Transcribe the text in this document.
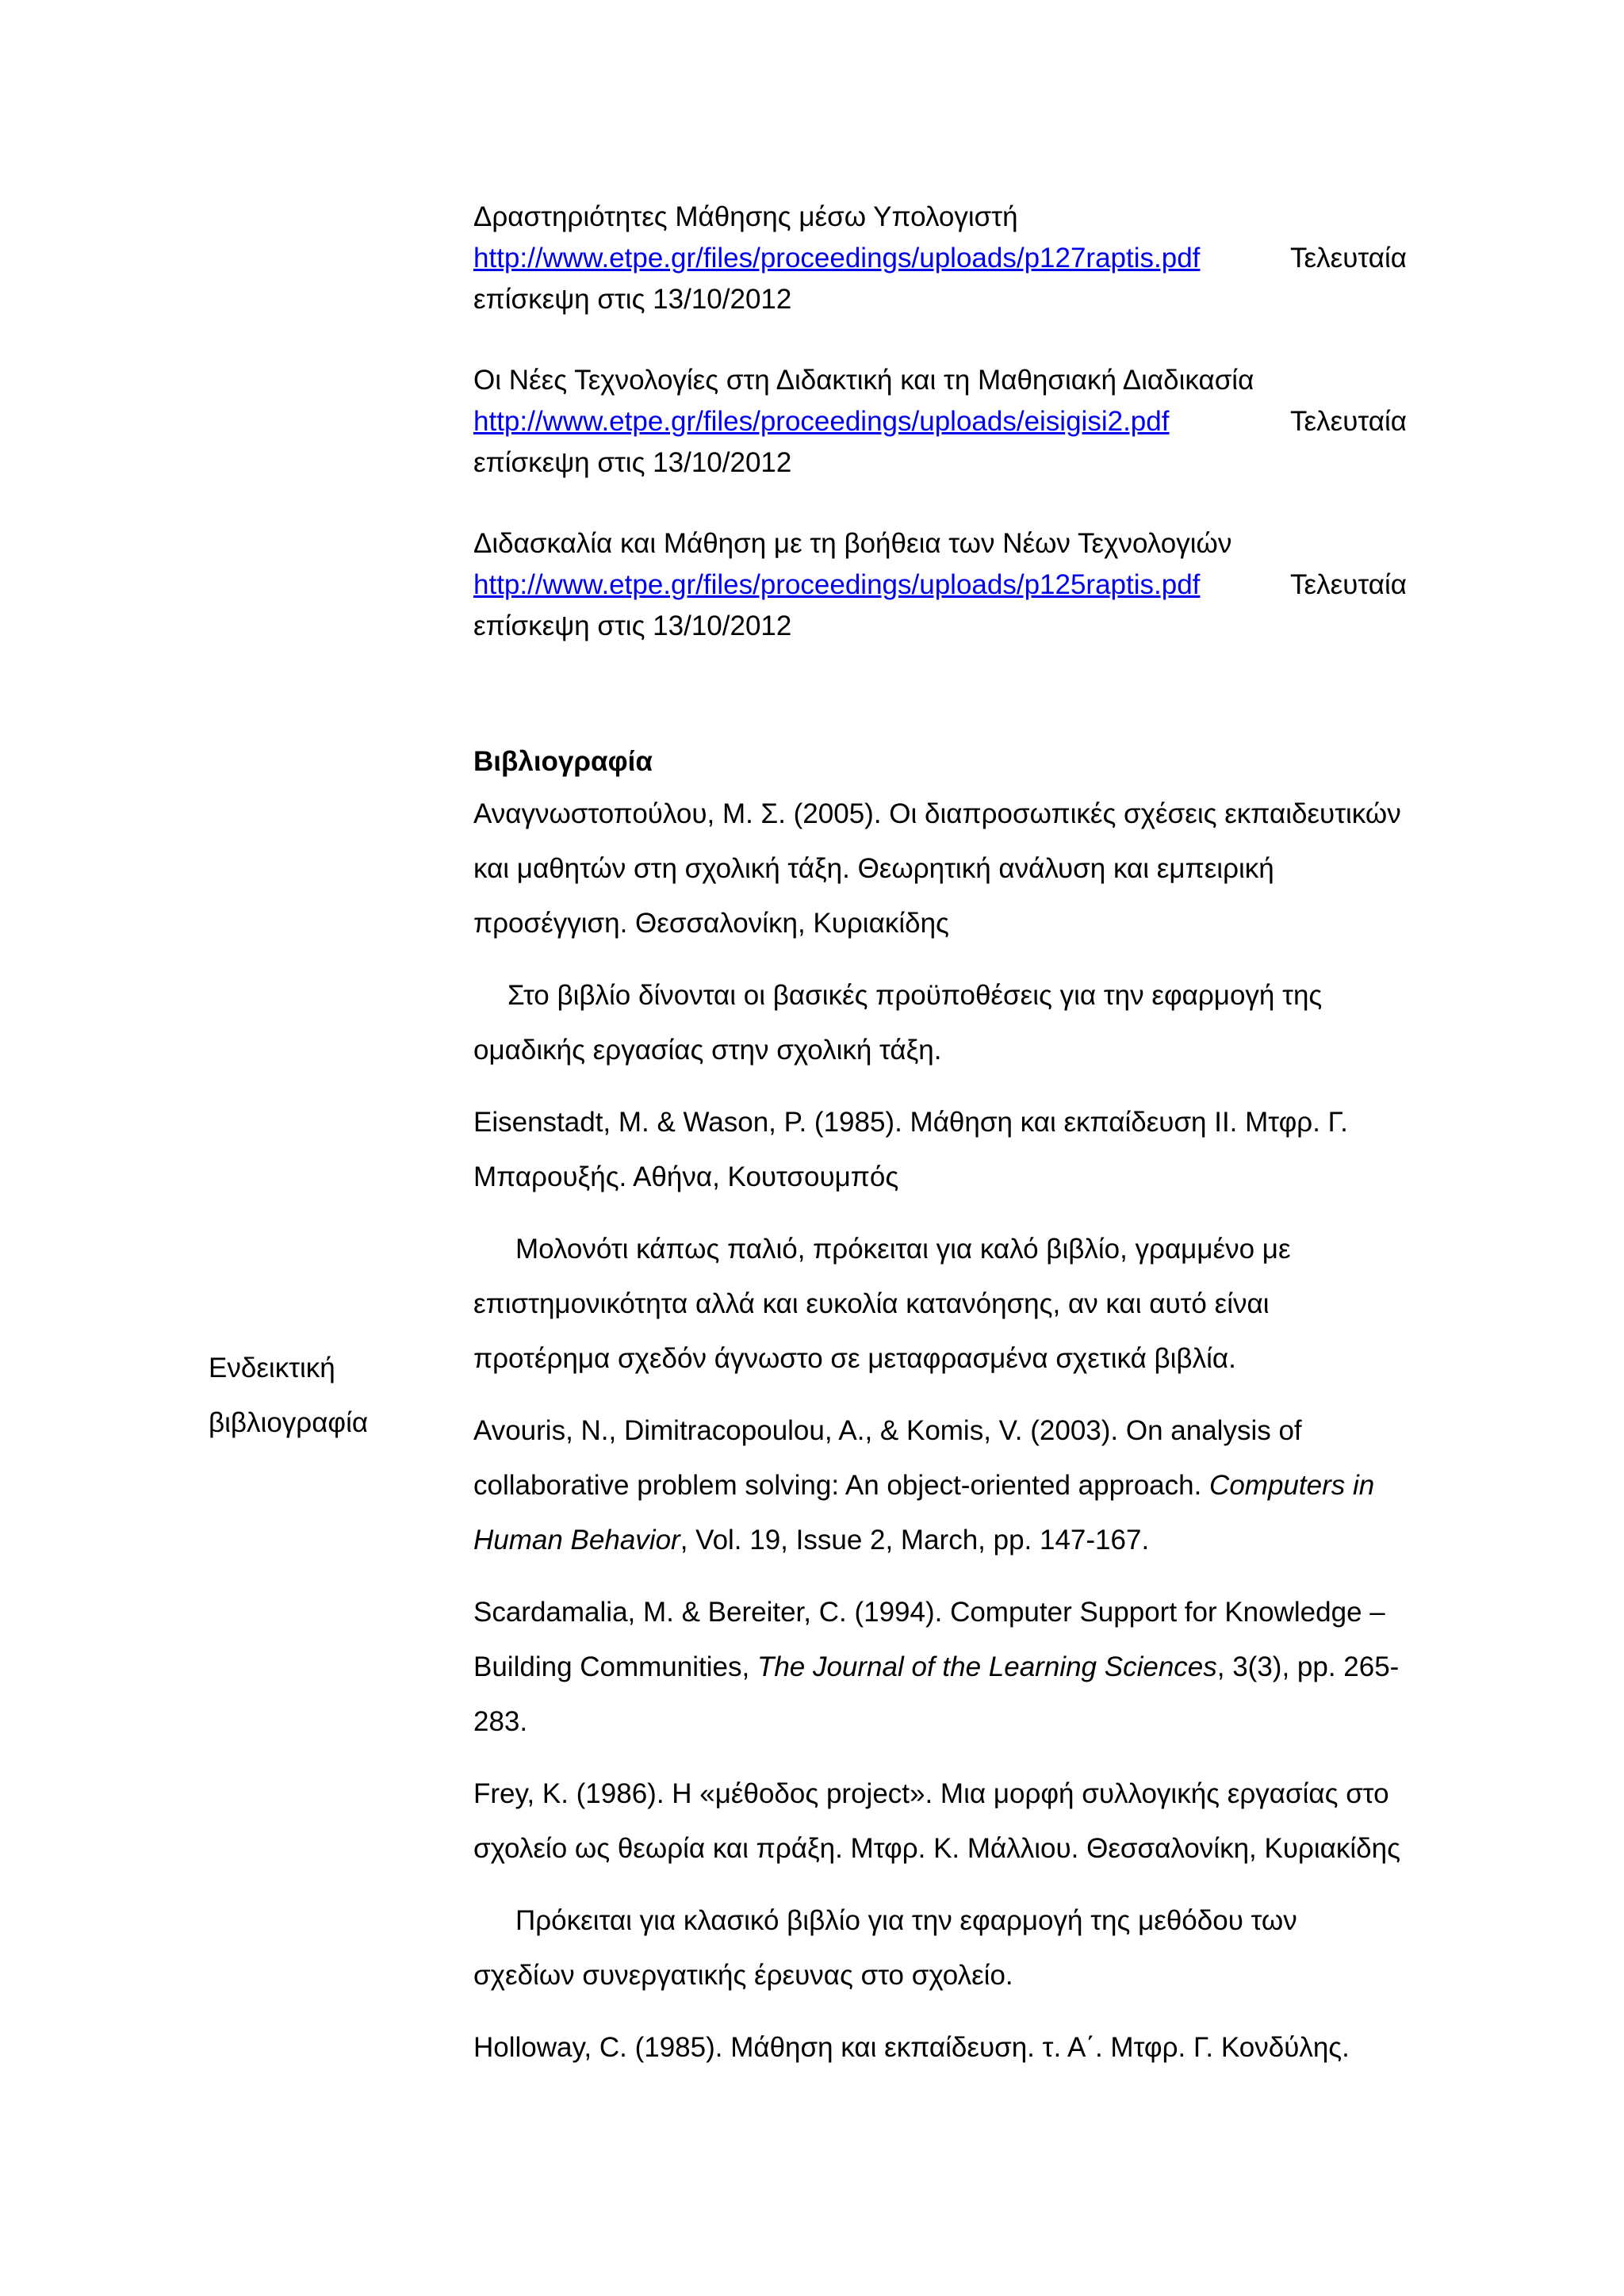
Δραστηριότητες Μάθησης μέσω Υπολογιστή
http://www.etpe.gr/files/proceedings/uploads/p127raptis.pdf	Τελευταία
επίσκεψη στις 13/10/2012
Οι Νέες Τεχνολογίες στη Διδακτική και τη Μαθησιακή Διαδικασία
http://www.etpe.gr/files/proceedings/uploads/eisigisi2.pdf	Τελευταία
επίσκεψη στις 13/10/2012
Διδασκαλία και Μάθηση με τη βοήθεια των Νέων Τεχνολογιών
http://www.etpe.gr/files/proceedings/uploads/p125raptis.pdf	Τελευταία
επίσκεψη στις 13/10/2012
Ενδεικτική
βιβλιογραφία
Βιβλιογραφία
Αναγνωστοπούλου, Μ. Σ. (2005). Οι διαπροσωπικές σχέσεις εκπαιδευτικών
και μαθητών στη σχολική τάξη. Θεωρητική ανάλυση και εμπειρική
προσέγγιση. Θεσσαλονίκη, Κυριακίδης
Στο βιβλίο δίνονται οι βασικές προϋποθέσεις για την εφαρμογή της
ομαδικής εργασίας στην σχολική τάξη.
Eisenstadt, M. & Wason, P. (1985). Μάθηση και εκπαίδευση ΙΙ. Μτφρ. Γ.
Μπαρουξής. Αθήνα, Κουτσουμπός
Μολονότι κάπως παλιό, πρόκειται για καλό βιβλίο, γραμμένο με
επιστημονικότητα αλλά και ευκολία κατανόησης, αν και αυτό είναι
προτέρημα σχεδόν άγνωστο σε μεταφρασμένα σχετικά βιβλία.
Avouris, N., Dimitracopoulou, A., & Komis, V. (2003). On analysis of
collaborative problem solving: An object-oriented approach. Computers in
Human Behavior, Vol. 19, Issue 2, March, pp. 147-167.
Scardamalia, M. & Bereiter, C. (1994). Computer Support for Knowledge –
Building Communities, The Journal of the Learning Sciences, 3(3), pp. 265-
283.
Frey, K. (1986). Η «μέθοδος project». Μια μορφή συλλογικής εργασίας στο
σχολείο ως θεωρία και πράξη. Μτφρ. Κ. Μάλλιου. Θεσσαλονίκη, Κυριακίδης
Πρόκειται για κλασικό βιβλίο για την εφαρμογή της μεθόδου των
σχεδίων συνεργατικής έρευνας στο σχολείο.
Holloway, C. (1985). Μάθηση και εκπαίδευση. τ. Α΄. Μτφρ. Γ. Κονδύλης.
